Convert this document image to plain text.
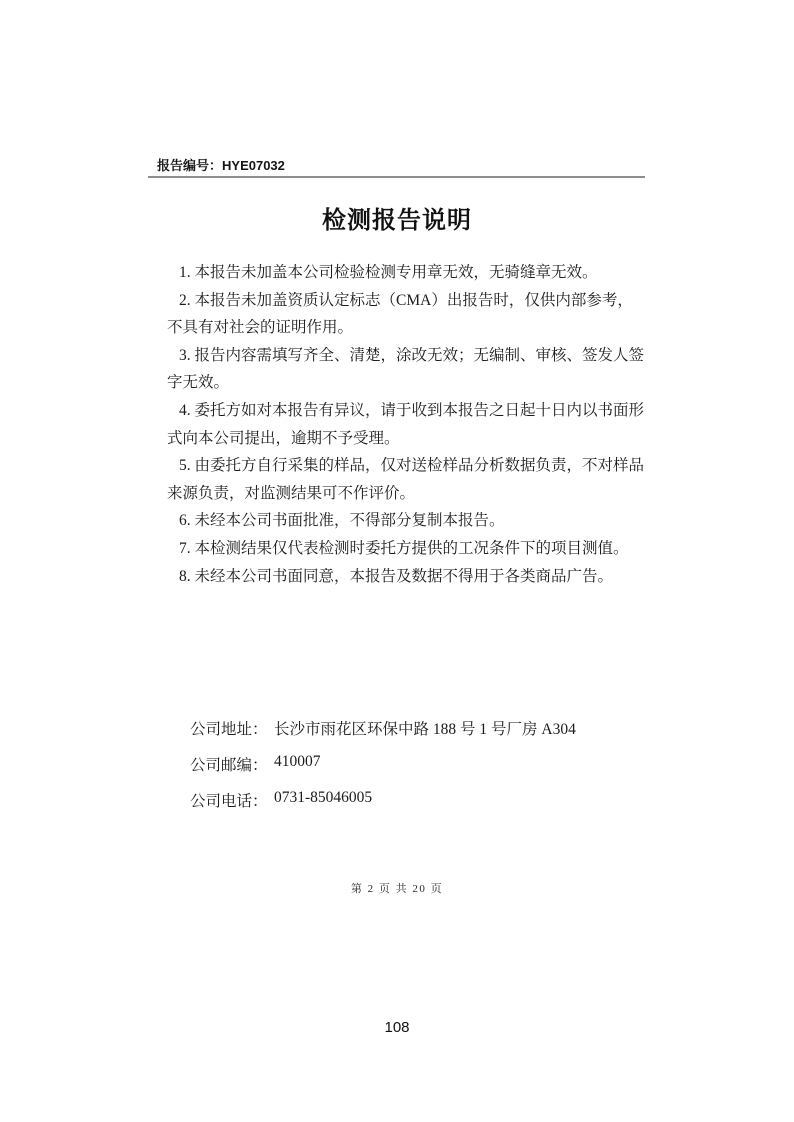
报告编号：HYE07032
检测报告说明
1. 本报告未加盖本公司检验检测专用章无效，无骑缝章无效。
2. 本报告未加盖资质认定标志（CMA）出报告时，仅供内部参考，
不具有对社会的证明作用。
3. 报告内容需填写齐全、清楚，涂改无效；无编制、审核、签发人签
字无效。
4. 委托方如对本报告有异议，请于收到本报告之日起十日内以书面形
式向本公司提出，逾期不予受理。
5. 由委托方自行采集的样品，仅对送检样品分析数据负责，不对样品
来源负责，对监测结果可不作评价。
6. 未经本公司书面批准，不得部分复制本报告。
7. 本检测结果仅代表检测时委托方提供的工况条件下的项目测值。
8. 未经本公司书面同意，本报告及数据不得用于各类商品广告。
公司地址： 长沙市雨花区环保中路 188 号 1 号厂房 A304
公司邮编： 410007
公司电话： 0731-85046005
第 2 页 共 20 页
108
